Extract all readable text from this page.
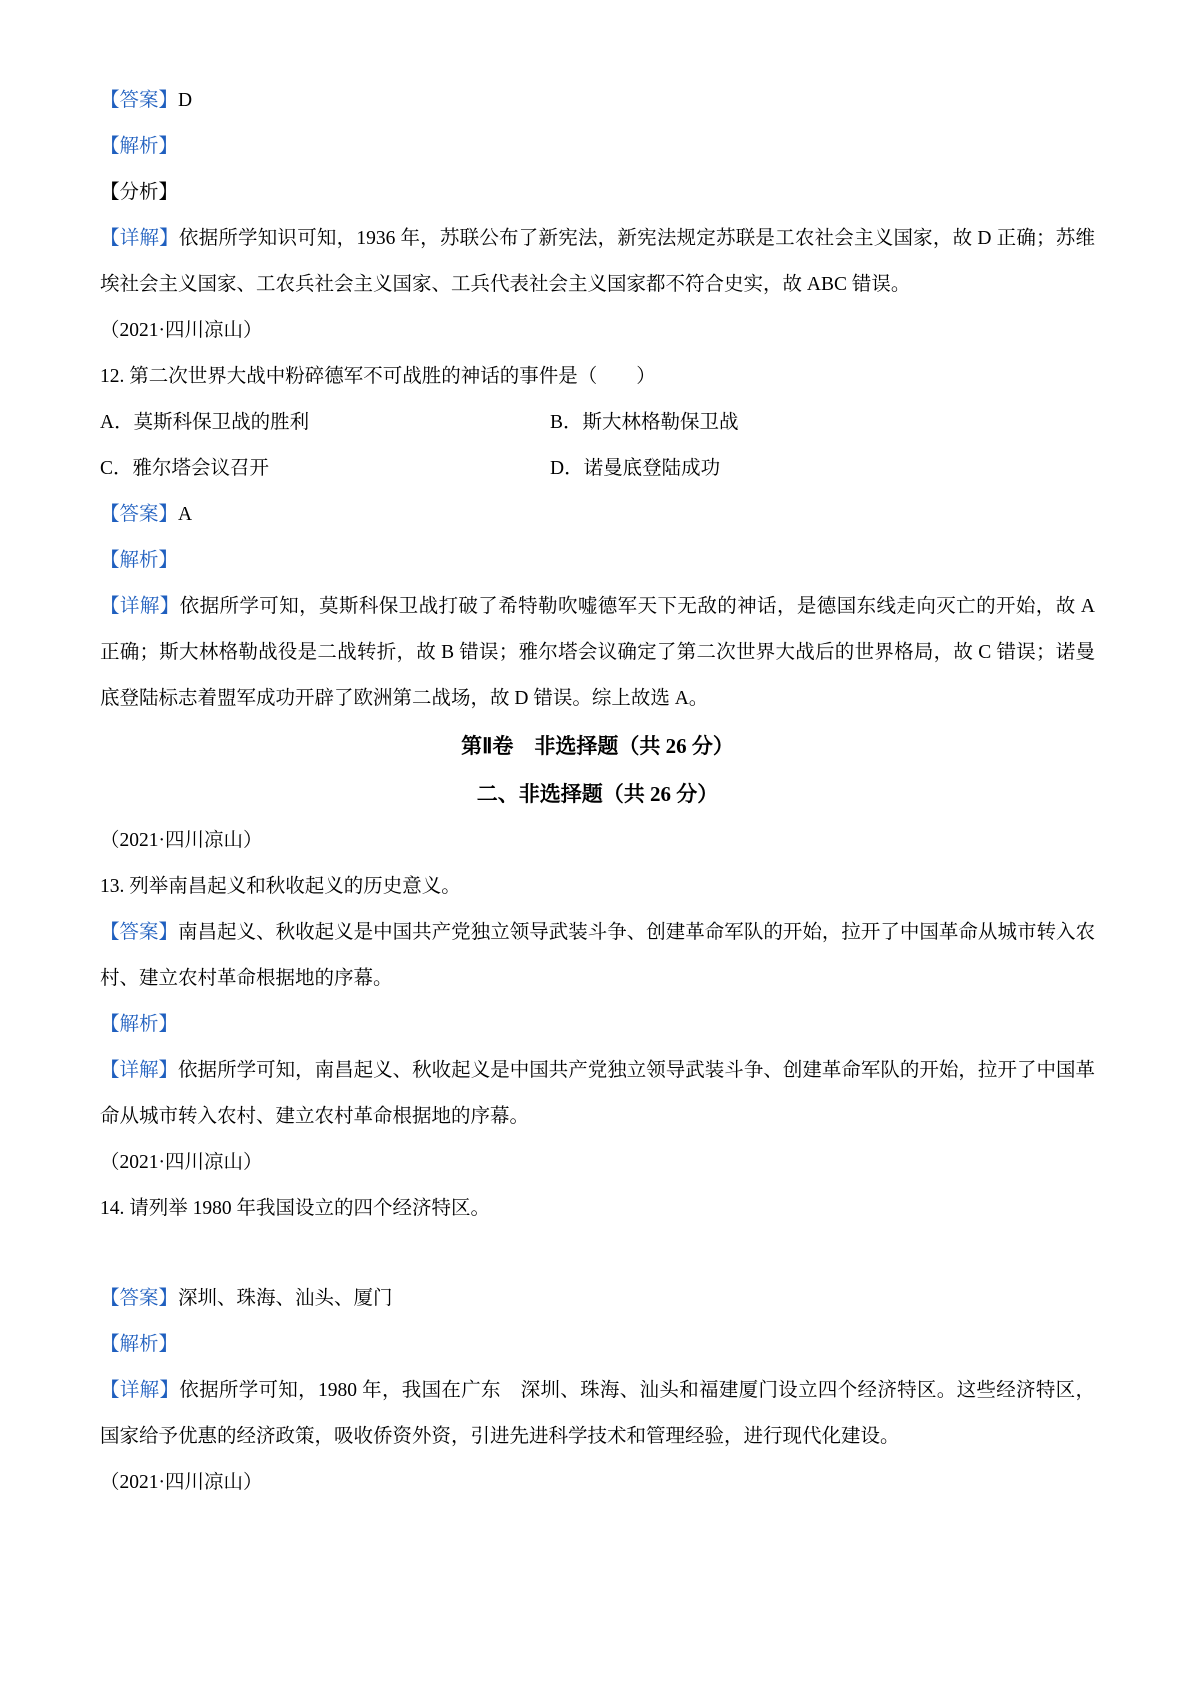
【答案】D

【解析】

【分析】

【详解】依据所学知识可知，1936 年，苏联公布了新宪法，新宪法规定苏联是工农社会主义国家，故 D 正确；苏维埃社会主义国家、工农兵社会主义国家、工兵代表社会主义国家都不符合史实，故 ABC 错误。

（2021·四川凉山）

12. 第二次世界大战中粉碎德军不可战胜的神话的事件是（　　）

A．莫斯科保卫战的胜利	B．斯大林格勒保卫战
C．雅尔塔会议召开	D．诺曼底登陆成功

【答案】A

【解析】

【详解】依据所学可知，莫斯科保卫战打破了希特勒吹嘘德军天下无敌的神话，是德国东线走向灭亡的开始，故 A 正确；斯大林格勒战役是二战转折，故 B 错误；雅尔塔会议确定了第二次世界大战后的世界格局，故 C 错误；诺曼底登陆标志着盟军成功开辟了欧洲第二战场，故 D 错误。综上故选 A。

第Ⅱ卷　非选择题（共 26 分）

二、非选择题（共 26 分）

（2021·四川凉山）

13. 列举南昌起义和秋收起义的历史意义。

【答案】南昌起义、秋收起义是中国共产党独立领导武装斗争、创建革命军队的开始，拉开了中国革命从城市转入农村、建立农村革命根据地的序幕。

【解析】

【详解】依据所学可知，南昌起义、秋收起义是中国共产党独立领导武装斗争、创建革命军队的开始，拉开了中国革命从城市转入农村、建立农村革命根据地的序幕。

（2021·四川凉山）

14. 请列举 1980 年我国设立的四个经济特区。

【答案】深圳、珠海、汕头、厦门

【解析】

【详解】依据所学可知，1980 年，我国在广东　深圳、珠海、汕头和福建厦门设立四个经济特区。这些经济特区，国家给予优惠的经济政策，吸收侨资外资，引进先进科学技术和管理经验，进行现代化建设。

（2021·四川凉山）
